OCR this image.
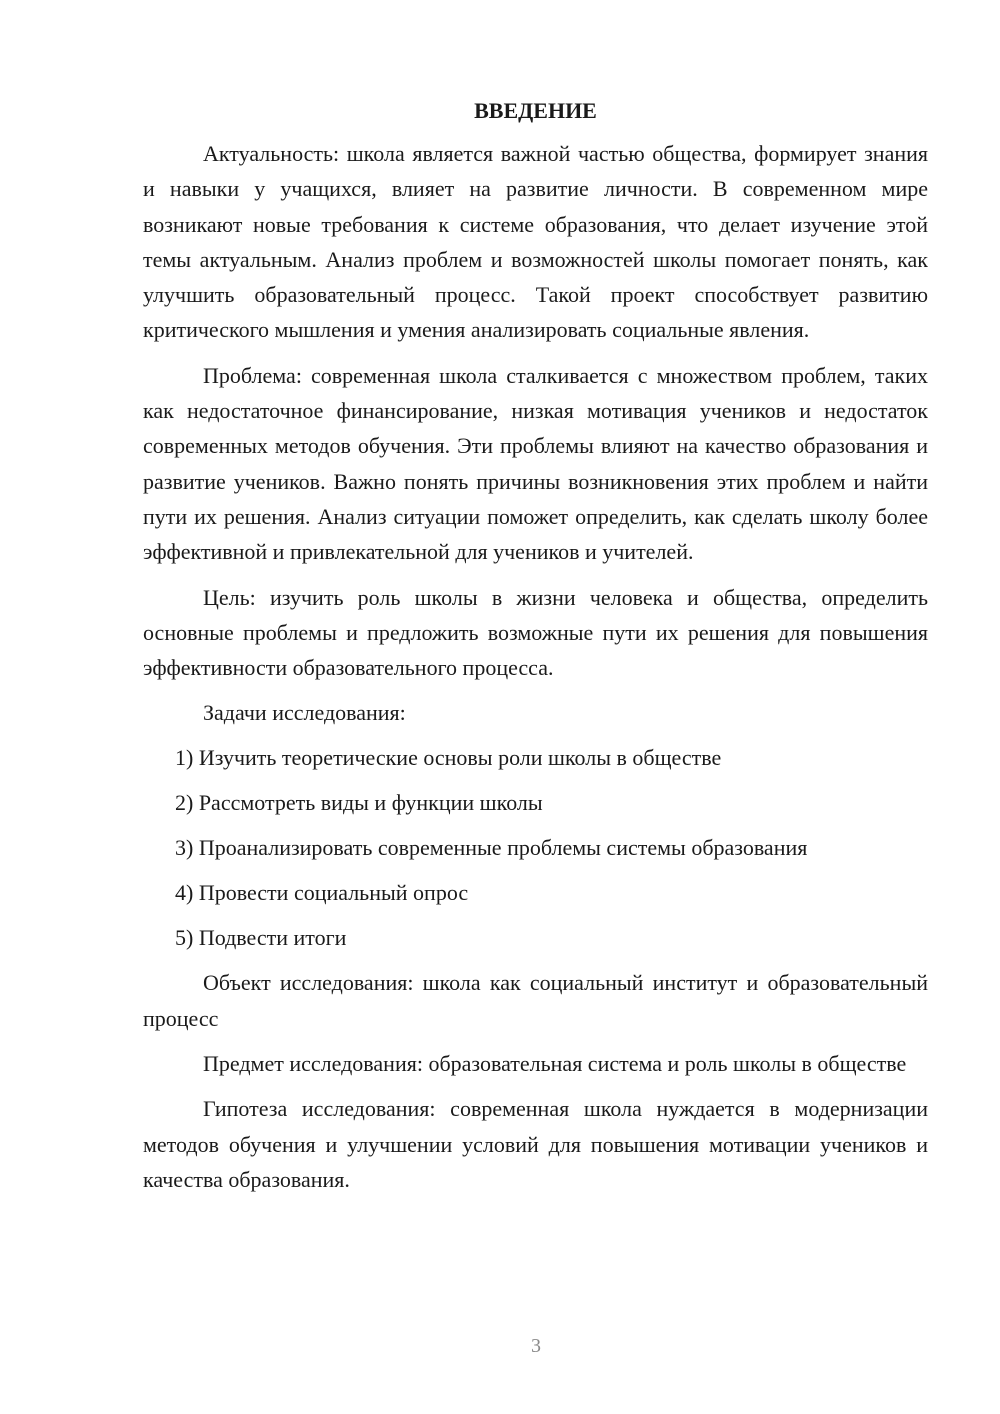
ВВЕДЕНИЕ

Актуальность: школа является важной частью общества, формирует знания и навыки у учащихся, влияет на развитие личности. В современном мире возникают новые требования к системе образования, что делает изучение этой темы актуальным. Анализ проблем и возможностей школы помогает понять, как улучшить образовательный процесс. Такой проект способствует развитию критического мышления и умения анализировать социальные явления.

Проблема: современная школа сталкивается с множеством проблем, таких как недостаточное финансирование, низкая мотивация учеников и недостаток современных методов обучения. Эти проблемы влияют на качество образования и развитие учеников. Важно понять причины возникновения этих проблем и найти пути их решения. Анализ ситуации поможет определить, как сделать школу более эффективной и привлекательной для учеников и учителей.

Цель: изучить роль школы в жизни человека и общества, определить основные проблемы и предложить возможные пути их решения для повышения эффективности образовательного процесса.

Задачи исследования:
1) Изучить теоретические основы роли школы в обществе
2) Рассмотреть виды и функции школы
3) Проанализировать современные проблемы системы образования
4) Провести социальный опрос
5) Подвести итоги

Объект исследования: школа как социальный институт и образовательный процесс

Предмет исследования: образовательная система и роль школы в обществе

Гипотеза исследования: современная школа нуждается в модернизации методов обучения и улучшении условий для повышения мотивации учеников и качества образования.

3
